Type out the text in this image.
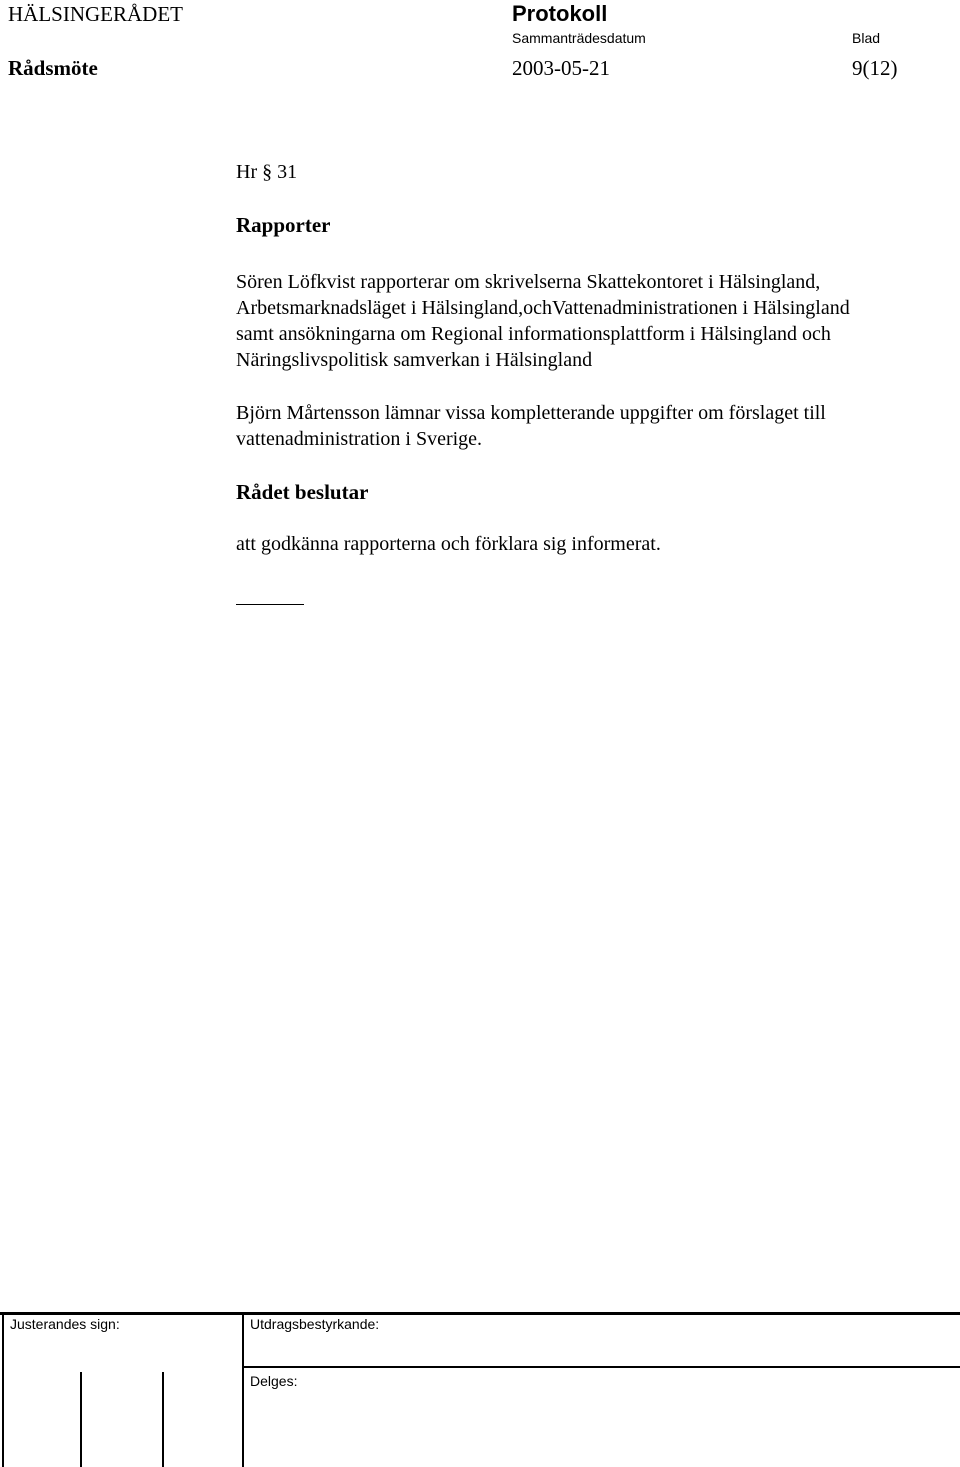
HÄLSINGERÅDET	Protokoll
Sammanträdesdatum	Blad
Rådsmöte	2003-05-21	9(12)
Hr § 31
Rapporter
Sören Löfkvist rapporterar om skrivelserna Skattekontoret i Hälsingland,
Arbetsmarknadsläget i Hälsingland,ochVattenadministrationen i Hälsingland
samt ansökningarna om Regional informationsplattform i Hälsingland och
Näringslivspolitisk samverkan i Hälsingland
Björn Mårtensson lämnar vissa kompletterande uppgifter om förslaget till
vattenadministration i Sverige.
Rådet beslutar
att godkänna rapporterna och förklara sig informerat.
Justerandes sign:	Utdragsbestyrkande:
Delges:
